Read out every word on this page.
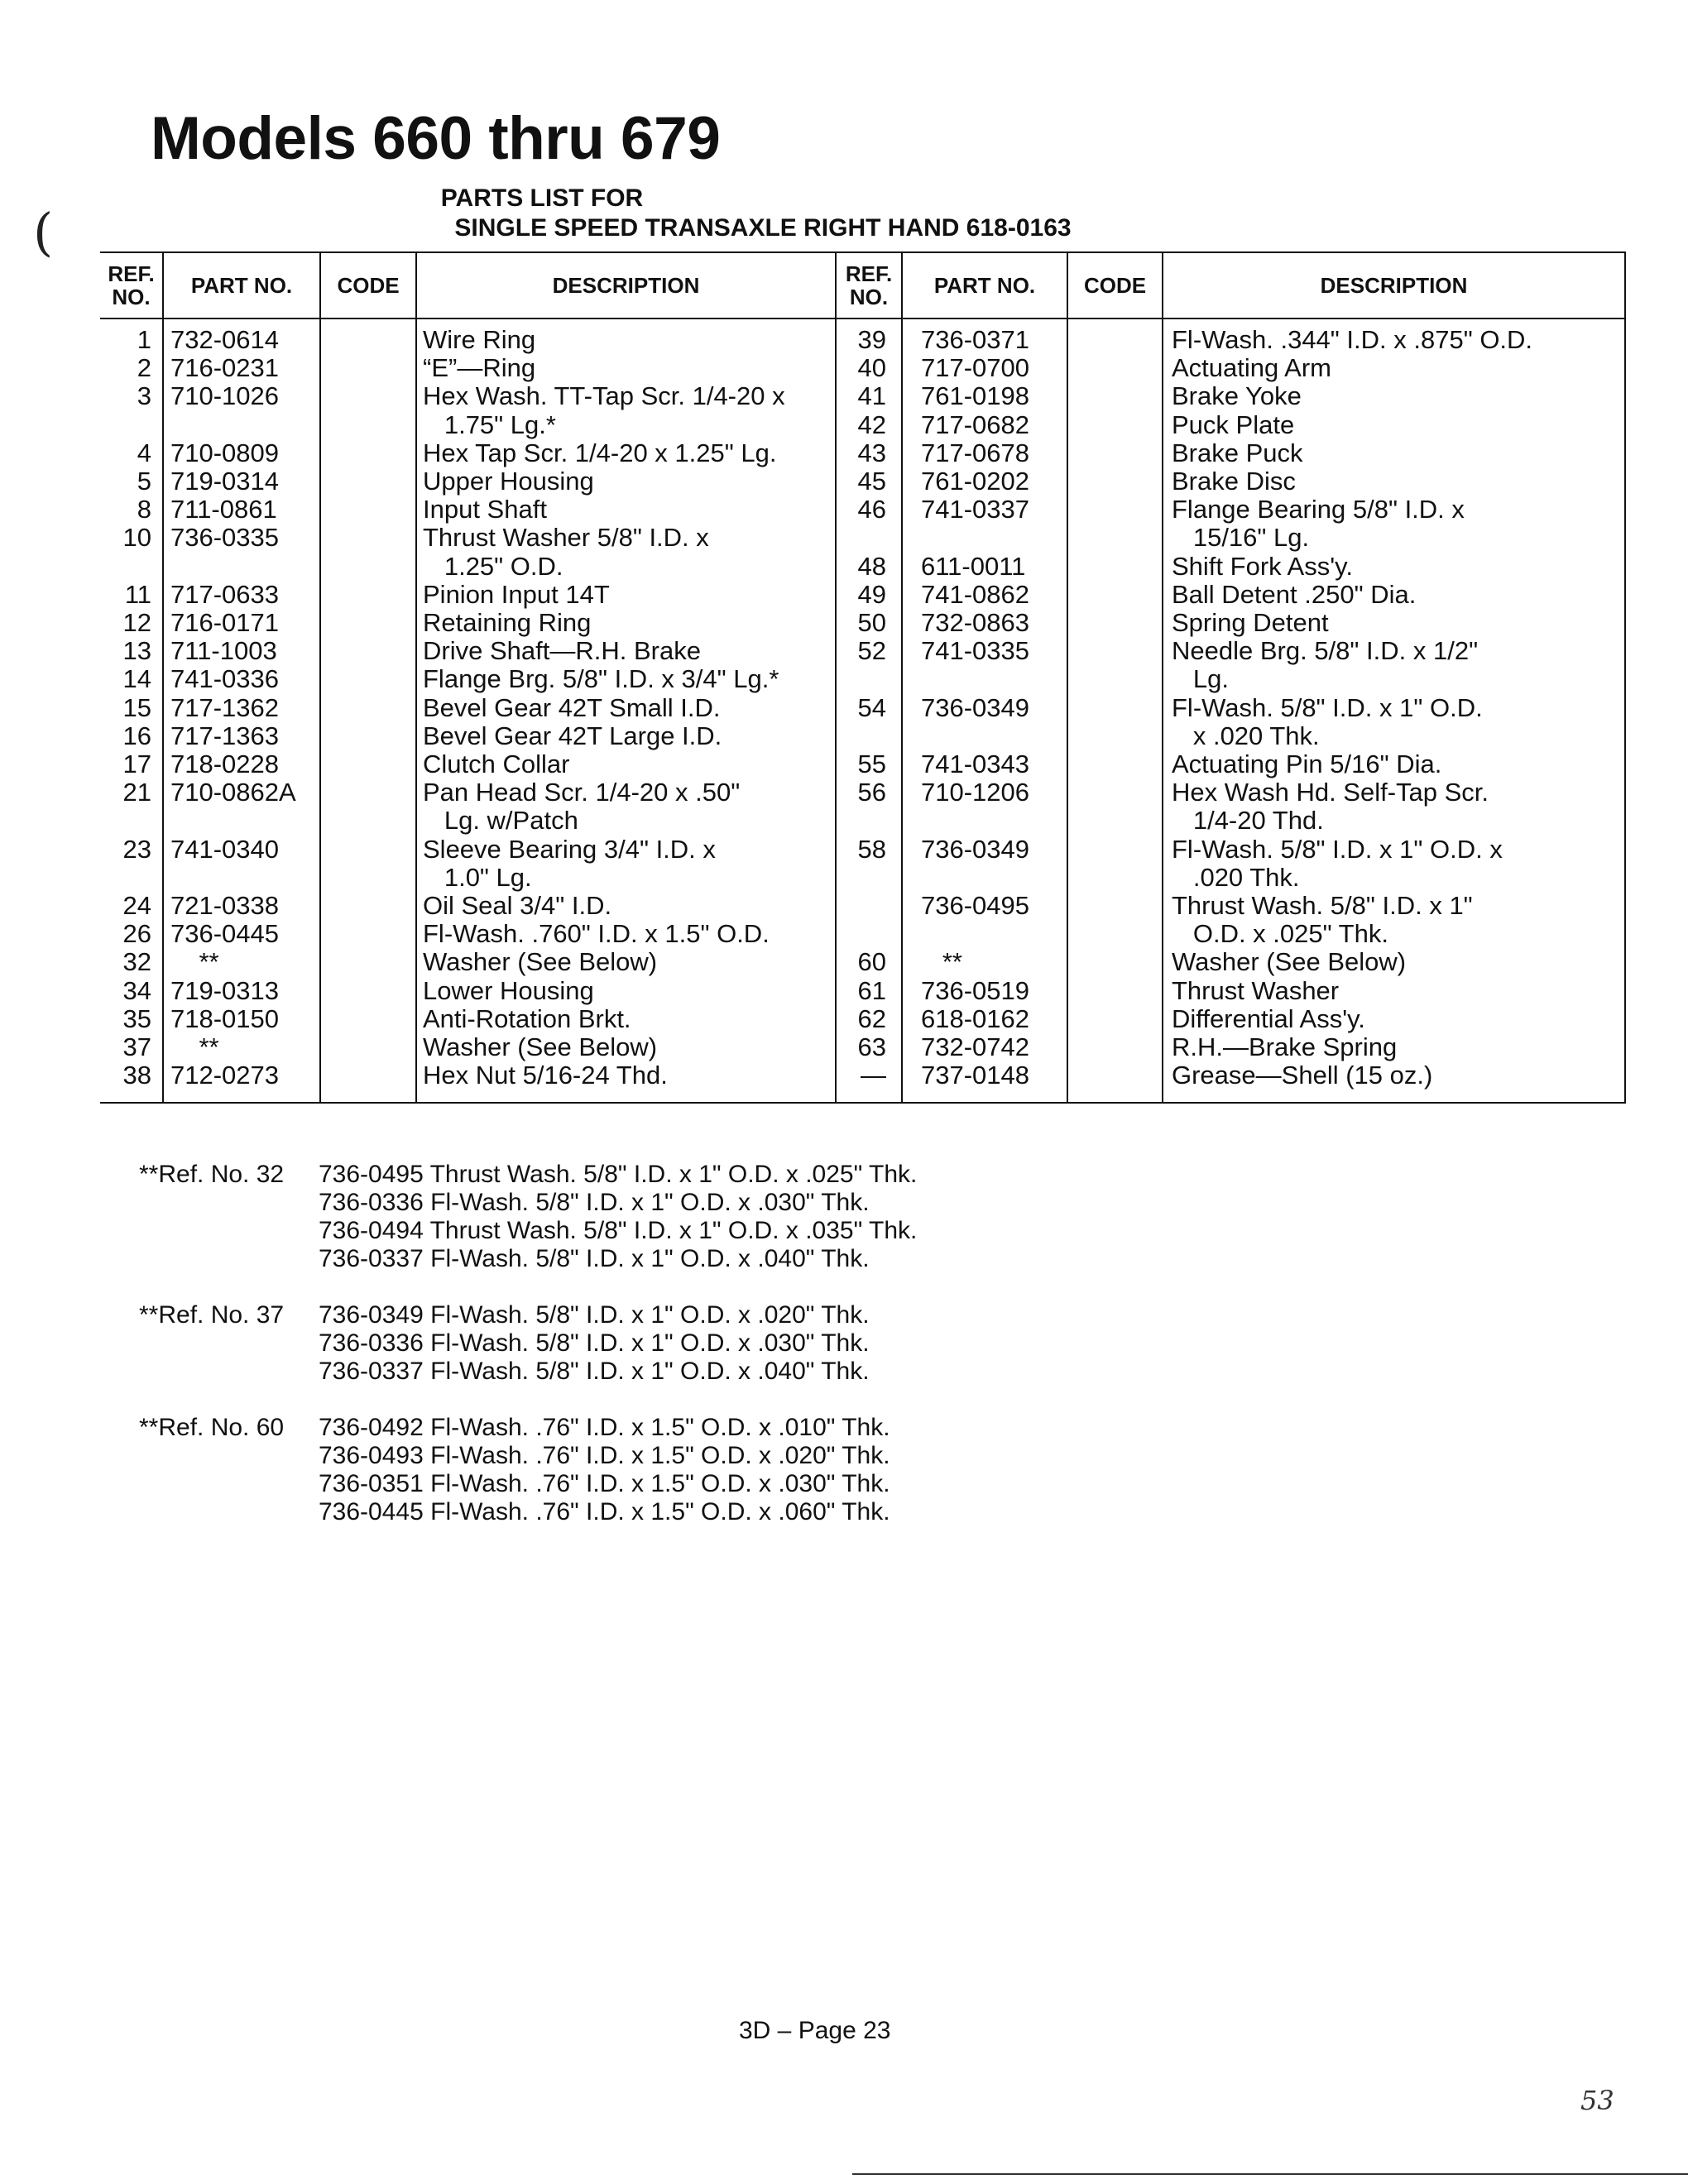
Models 660 thru 679
(
PARTS LIST FOR
SINGLE SPEED TRANSAXLE RIGHT HAND 618-0163
REF. NO.	PART NO.	CODE	DESCRIPTION	REF. NO.	PART NO.	CODE	DESCRIPTION
1 732-0614	Wire Ring
2 716-0231	“E”—Ring
3 710-1026	Hex Wash. TT-Tap Scr. 1/4-20 x
1.75" Lg.*
4 710-0809	Hex Tap Scr. 1/4-20 x 1.25" Lg.
5 719-0314	Upper Housing
8 711-0861	Input Shaft
10 736-0335	Thrust Washer 5/8" I.D. x
1.25" O.D.
11 717-0633	Pinion Input 14T
12 716-0171	Retaining Ring
13 711-1003	Drive Shaft—R.H. Brake
14 741-0336	Flange Brg. 5/8" I.D. x 3/4" Lg.*
15 717-1362	Bevel Gear 42T Small I.D.
16 717-1363	Bevel Gear 42T Large I.D.
17 718-0228	Clutch Collar
21 710-0862A	Pan Head Scr. 1/4-20 x .50"
Lg. w/Patch
23 741-0340	Sleeve Bearing 3/4" I.D. x
1.0" Lg.
24 721-0338	Oil Seal 3/4" I.D.
26 736-0445	Fl-Wash. .760" I.D. x 1.5" O.D.
32 **	Washer (See Below)
34 719-0313	Lower Housing
35 718-0150	Anti-Rotation Brkt.
37 **	Washer (See Below)
38 712-0273	Hex Nut 5/16-24 Thd.
39 736-0371	Fl-Wash. .344" I.D. x .875" O.D.
40 717-0700	Actuating Arm
41 761-0198	Brake Yoke
42 717-0682	Puck Plate
43 717-0678	Brake Puck
45 761-0202	Brake Disc
46 741-0337	Flange Bearing 5/8" I.D. x
15/16" Lg.
48 611-0011	Shift Fork Ass'y.
49 741-0862	Ball Detent .250" Dia.
50 732-0863	Spring Detent
52 741-0335	Needle Brg. 5/8" I.D. x 1/2"
Lg.
54 736-0349	Fl-Wash. 5/8" I.D. x 1" O.D.
x .020 Thk.
55 741-0343	Actuating Pin 5/16" Dia.
56 710-1206	Hex Wash Hd. Self-Tap Scr.
1/4-20 Thd.
58 736-0349	Fl-Wash. 5/8" I.D. x 1" O.D. x
.020 Thk.
736-0495	Thrust Wash. 5/8" I.D. x 1"
O.D. x .025" Thk.
60 **	Washer (See Below)
61 736-0519	Thrust Washer
62 618-0162	Differential Ass'y.
63 732-0742	R.H.—Brake Spring
— 737-0148	Grease—Shell (15 oz.)
**Ref. No. 32 736-0495 Thrust Wash. 5/8" I.D. x 1" O.D. x .025" Thk.
736-0336 Fl-Wash. 5/8" I.D. x 1" O.D. x .030" Thk.
736-0494 Thrust Wash. 5/8" I.D. x 1" O.D. x .035" Thk.
736-0337 Fl-Wash. 5/8" I.D. x 1" O.D. x .040" Thk.
**Ref. No. 37 736-0349 Fl-Wash. 5/8" I.D. x 1" O.D. x .020" Thk.
736-0336 Fl-Wash. 5/8" I.D. x 1" O.D. x .030" Thk.
736-0337 Fl-Wash. 5/8" I.D. x 1" O.D. x .040" Thk.
**Ref. No. 60 736-0492 Fl-Wash. .76" I.D. x 1.5" O.D. x .010" Thk.
736-0493 Fl-Wash. .76" I.D. x 1.5" O.D. x .020" Thk.
736-0351 Fl-Wash. .76" I.D. x 1.5" O.D. x .030" Thk.
736-0445 Fl-Wash. .76" I.D. x 1.5" O.D. x .060" Thk.
3D – Page 23
53
